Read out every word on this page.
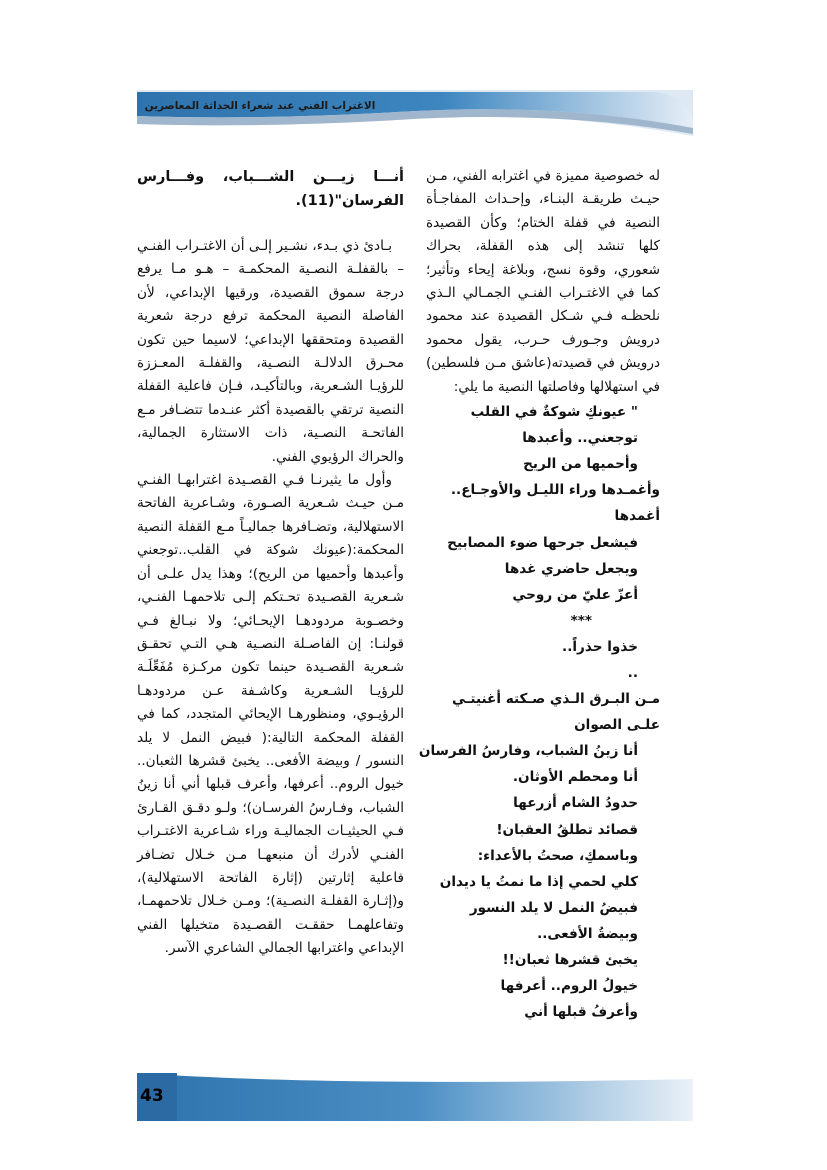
الاغتراب الفني عند شعراء الحداثة المعاصرين

أنـــا زيـــن الشـــباب، وفـــارس الفرسان"(11).

بـادئ ذي بـدء، نشـير إلـى أن الاغتـراب الفنـي – بالقفلـة النصـية المحكمـة – هـو مـا يرفع درجة سموق القصيدة، ورقيها الإبداعي، لأن الفاصلة النصية المحكمة ترفع درجة شعرية القصيدة ومتحققها الإبداعي؛ لاسيما حين تكون محـرق الدلالـة النصـية، والقفلـة المعـززة للرؤيـا الشـعرية، وبالتأكيـد، فـإن فاعلية القفلة النصية ترتقي بالقصيدة أكثر عنـدما تتضـافر مـع الفاتحـة النصـية، ذات الاستثارة الجمالية، والحراك الرؤيوي الفني.

وأول ما يثيرنـا فـي القصـيدة اغترابهـا الفنـي مـن حيـث شـعرية الصـورة، وشـاعرية الفاتحة الاستهلالية، وتضـافرها جماليـاً مـع القفلة النصية المحكمة:(عيونك شوكة في القلب..توجعني وأعبدها وأحميها من الريح)؛ وهذا يدل علـى أن شـعرية القصـيدة تحـتكم إلـى تلاحمهـا الفنـي، وخصـوبة مردودهـا الإيحـائي؛ ولا نبـالغ فـي قولنـا: إن الفاصـلة النصـية هـي التـي تحقـق شـعرية القصـيدة حينما تكون مركـزة مُفَعِّلَـة للرؤيـا الشـعرية وكاشـفة عـن مردودهـا الرؤيـوي، ومنظورهـا الإيحائي المتجدد، كما في القفلة المحكمة التالية:( فبيض النمل لا يلد النسور / وبيضة الأفعى.. يخبئ قشرها الثعبان.. خيول الروم.. أعرفها، وأعرف قبلها أني أنا زينُ الشباب، وفـارسُ الفرسـان)؛ ولـو دقـق القـارئ فـي الحيثيـات الجماليـة وراء شـاعرية الاغتـراب الفنـي لأدرك أن منبعهـا مـن خـلال تضـافر فاعلية إثارتين (إثارة الفاتحة الاستهلالية)، و(إثـارة القفلـة النصـية)؛ ومـن خـلال تلاحمهمـا، وتفاعلهمـا حققـت القصـيدة متخيلها الفني الإبداعي واغترابها الجمالي الشاعري الآسر.

له خصوصية مميزة في اغترابه الفني، مـن حيـث طريقـة البنـاء، وإحـداث المفاجـأة النصية في قفلة الختام؛ وكأن القصيدة كلها تنشد إلى هذه القفلة، بحراك شعوري، وقوة نسج، وبلاغة إيحاء وتأثير؛ كما في الاغتـراب الفنـي الجمـالي الـذي نلحظـه فـي شـكل القصيدة عند محمود درويش وجـورف حـرب، يقول محمود درويش في قصيدته(عاشق مـن فلسطين) في استهلالها وفاصلتها النصية ما يلي:

" عيونكِ شوكةٌ في القلب
توجعني.. وأعبدها
وأحميها من الريح
وأغمـدها وراء الليـل والأوجـاع.. أغمدها
فيشعل جرحها ضوء المصابيح
ويجعل حاضري غدها
أعزّ عليّ من روحي
***
خذوا حذراً..
..
مـن البـرق الـذي صـكته أغنيتـي علـى الصوان
أنا زينُ الشباب، وفارسُ الفرسان
أنا ومحطم الأوثان.
حدودُ الشام أزرعها
قصائد تطلقُ العقبان!
وباسمكِ، صحتُ بالأعداء:
كلي لحمي إذا ما نمتُ يا ديدان
فبيضُ النمل لا يلد النسور
وبيضةُ الأفعى..
يخبئ قشرها ثعبان!!
خيولُ الروم.. أعرفها
وأعرفُ قبلها أني
43
